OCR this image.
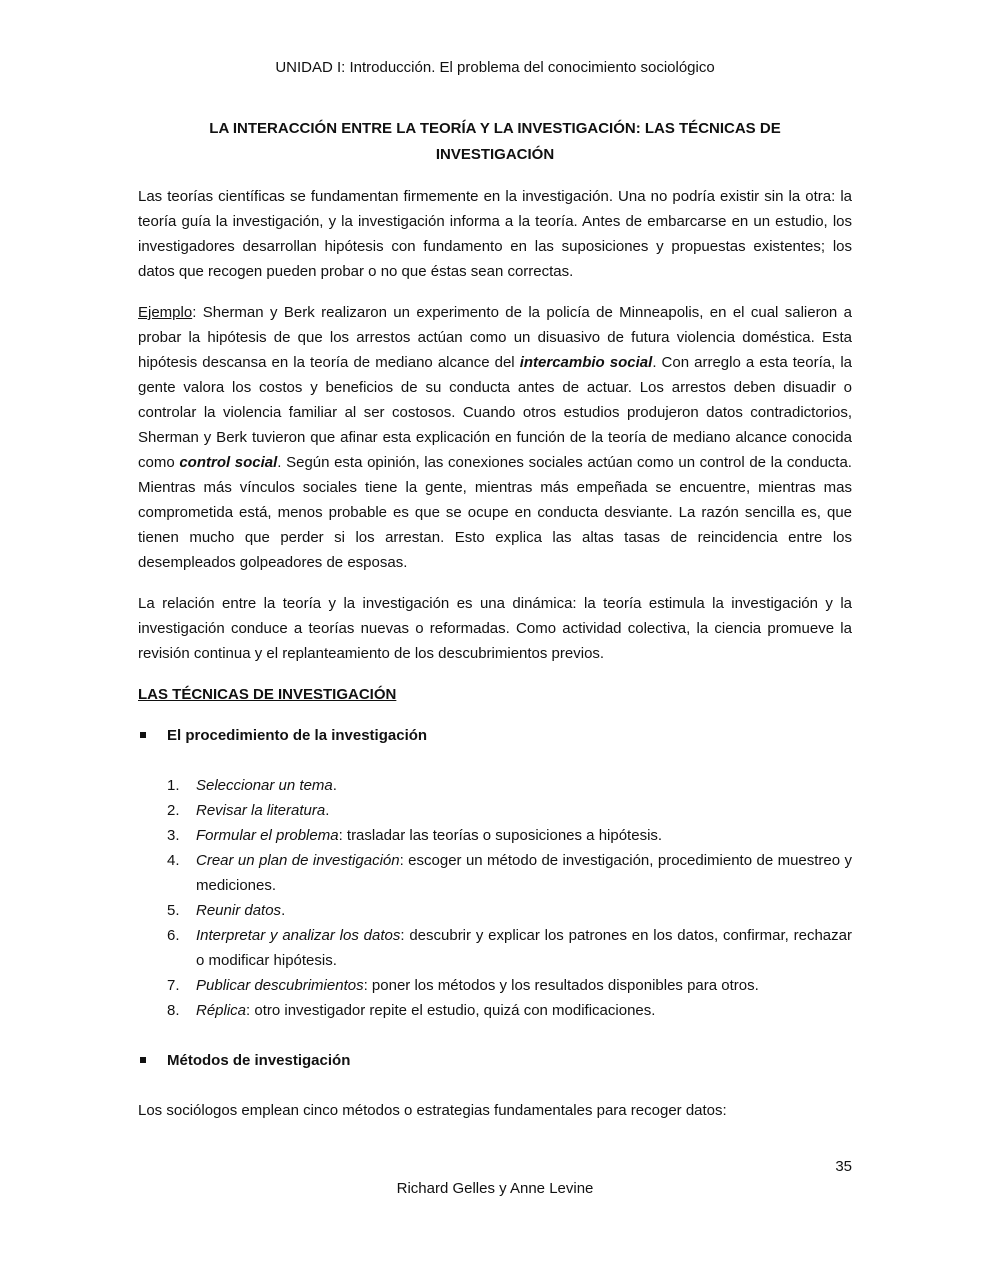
UNIDAD I: Introducción. El problema del conocimiento sociológico
LA INTERACCIÓN ENTRE LA TEORÍA Y LA INVESTIGACIÓN: LAS TÉCNICAS DE INVESTIGACIÓN

Las teorías científicas se fundamentan firmemente en la investigación. Una no podría existir sin la otra: la teoría guía la investigación, y la investigación informa a la teoría. Antes de embarcarse en un estudio, los investigadores desarrollan hipótesis con fundamento en las suposiciones y propuestas existentes; los datos que recogen pueden probar o no que éstas sean correctas.

Ejemplo: Sherman y Berk realizaron un experimento de la policía de Minneapolis, en el cual salieron a probar la hipótesis de que los arrestos actúan como un disuasivo de futura violencia doméstica. Esta hipótesis descansa en la teoría de mediano alcance del intercambio social. Con arreglo a esta teoría, la gente valora los costos y beneficios de su conducta antes de actuar. Los arrestos deben disuadir o controlar la violencia familiar al ser costosos. Cuando otros estudios produjeron datos contradictorios, Sherman y Berk tuvieron que afinar esta explicación en función de la teoría de mediano alcance conocida como control social. Según esta opinión, las conexiones sociales actúan como un control de la conducta. Mientras más vínculos sociales tiene la gente, mientras más empeñada se encuentre, mientras mas comprometida está, menos probable es que se ocupe en conducta desviante. La razón sencilla es, que tienen mucho que perder si los arrestan. Esto explica las altas tasas de reincidencia entre los desempleados golpeadores de esposas.

La relación entre la teoría y la investigación es una dinámica: la teoría estimula la investigación y la investigación conduce a teorías nuevas o reformadas. Como actividad colectiva, la ciencia promueve la revisión continua y el replanteamiento de los descubrimientos previos.

LAS TÉCNICAS DE INVESTIGACIÓN
El procedimiento de la investigación
1. Seleccionar un tema.
2. Revisar la literatura.
3. Formular el problema: trasladar las teorías o suposiciones a hipótesis.
4. Crear un plan de investigación: escoger un método de investigación, procedimiento de muestreo y mediciones.
5. Reunir datos.
6. Interpretar y analizar los datos: descubrir y explicar los patrones en los datos, confirmar, rechazar o modificar hipótesis.
7. Publicar descubrimientos: poner los métodos y los resultados disponibles para otros.
8. Réplica: otro investigador repite el estudio, quizá con modificaciones.
Métodos de investigación

Los sociólogos emplean cinco métodos o estrategias fundamentales para recoger datos:

35
Richard Gelles y Anne Levine
